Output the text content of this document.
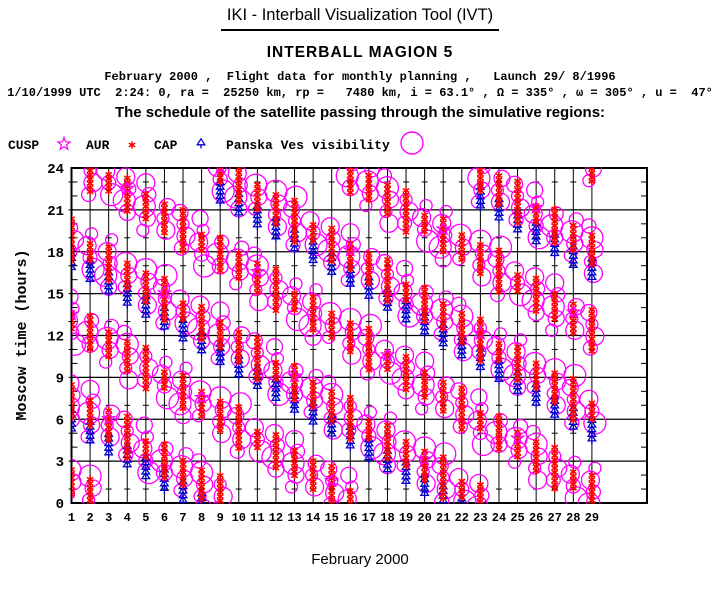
0
3
6
9
12
15
18
21
24
1 2 3 4 5 6 7 8 9 10 11 12 13 14 15 16 17 18 19 20 21 22 23 24 25 26 27 28 29
Moscow time (hours)
IKI - Interball Visualization Tool (IVT)
INTERBALL MAGION 5
February 2000 ,  Flight data for monthly planning ,   Launch 29/ 8/1996
1/10/1999 UTC  2:24: 0, ra =  25250 km, rp =   7480 km, i = 63.1° , Ω = 335° , ω = 305° , u =  47°
The schedule of the satellite passing through the simulative regions:
CUSP	AUR	CAP	Panska Ves visibility
February 2000
